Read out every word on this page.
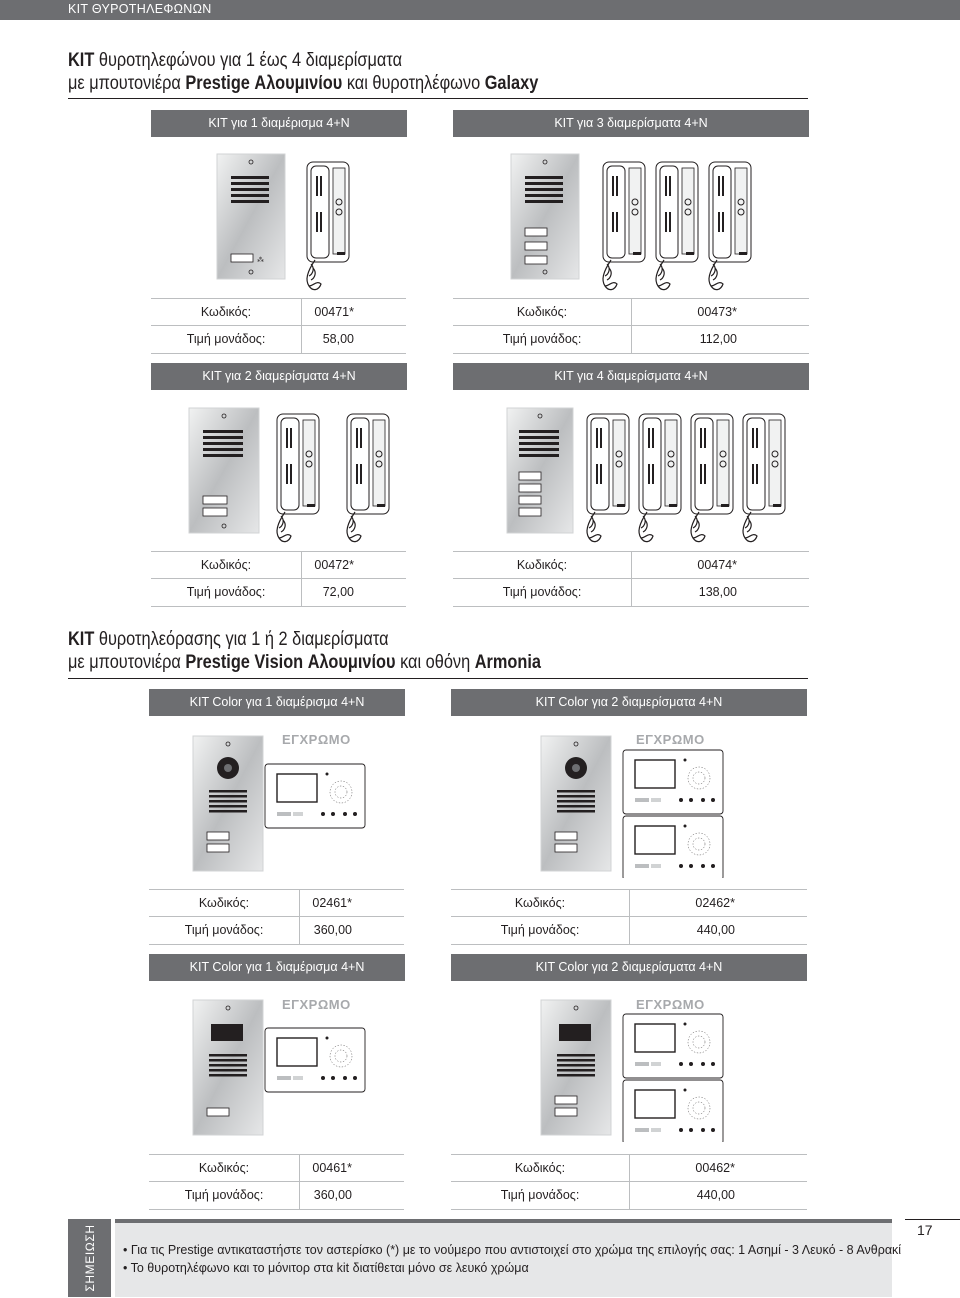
ΚΙΤ ΘΥΡΟΤΗΛΕΦΩΝΩΝ
KIT θυροτηλεφώνου για 1 έως 4 διαμερίσματα
με μπουτονιέρα Prestige Αλουμινίου και θυροτηλέφωνο Galaxy
KIT για 1 διαμέρισμα 4+N	KIT για 3 διαμερίσματα 4+N
⁂
Κωδικός:	00471*
Τιμή μονάδος:	58,00
Κωδικός:	00473*
Τιμή μονάδος:	112,00
KIT για 2 διαμερίσματα 4+N	KIT για 4 διαμερίσματα 4+N
Κωδικός:	00472*
Τιμή μονάδος:	72,00
Κωδικός:	00474*
Τιμή μονάδος:	138,00
KIT θυροτηλεόρασης για 1 ή 2 διαμερίσματα
με μπουτονιέρα Prestige Vision Αλουμινίου και οθόνη Armonia
KIT Color για 1 διαμέρισμα 4+N	KIT Color για 2 διαμερίσματα 4+N
ΕΓΧΡΩΜΟ	ΕΓΧΡΩΜΟ
Κωδικός:	02461*
Τιμή μονάδος:	360,00
Κωδικός:	02462*
Τιμή μονάδος:	440,00
KIT Color για 1 διαμέρισμα 4+N	KIT Color για 2 διαμερίσματα 4+N
ΕΓΧΡΩΜΟ	ΕΓΧΡΩΜΟ
Κωδικός:	00461*
Τιμή μονάδος:	360,00
Κωδικός:	00462*
Τιμή μονάδος:	440,00
ΣΗΜΕΙΩΣΗ • Για τις Prestige αντικαταστήστε τον αστερίσκο (*) με το νούμερο που αντιστοιχεί στο χρώμα της επιλογής σας: 1 Ασημί - 3 Λευκό - 8 Ανθρακί
• Το θυροτηλέφωνο και το μόνιτορ στα kit διατίθεται μόνο σε λευκό χρώμα
17
